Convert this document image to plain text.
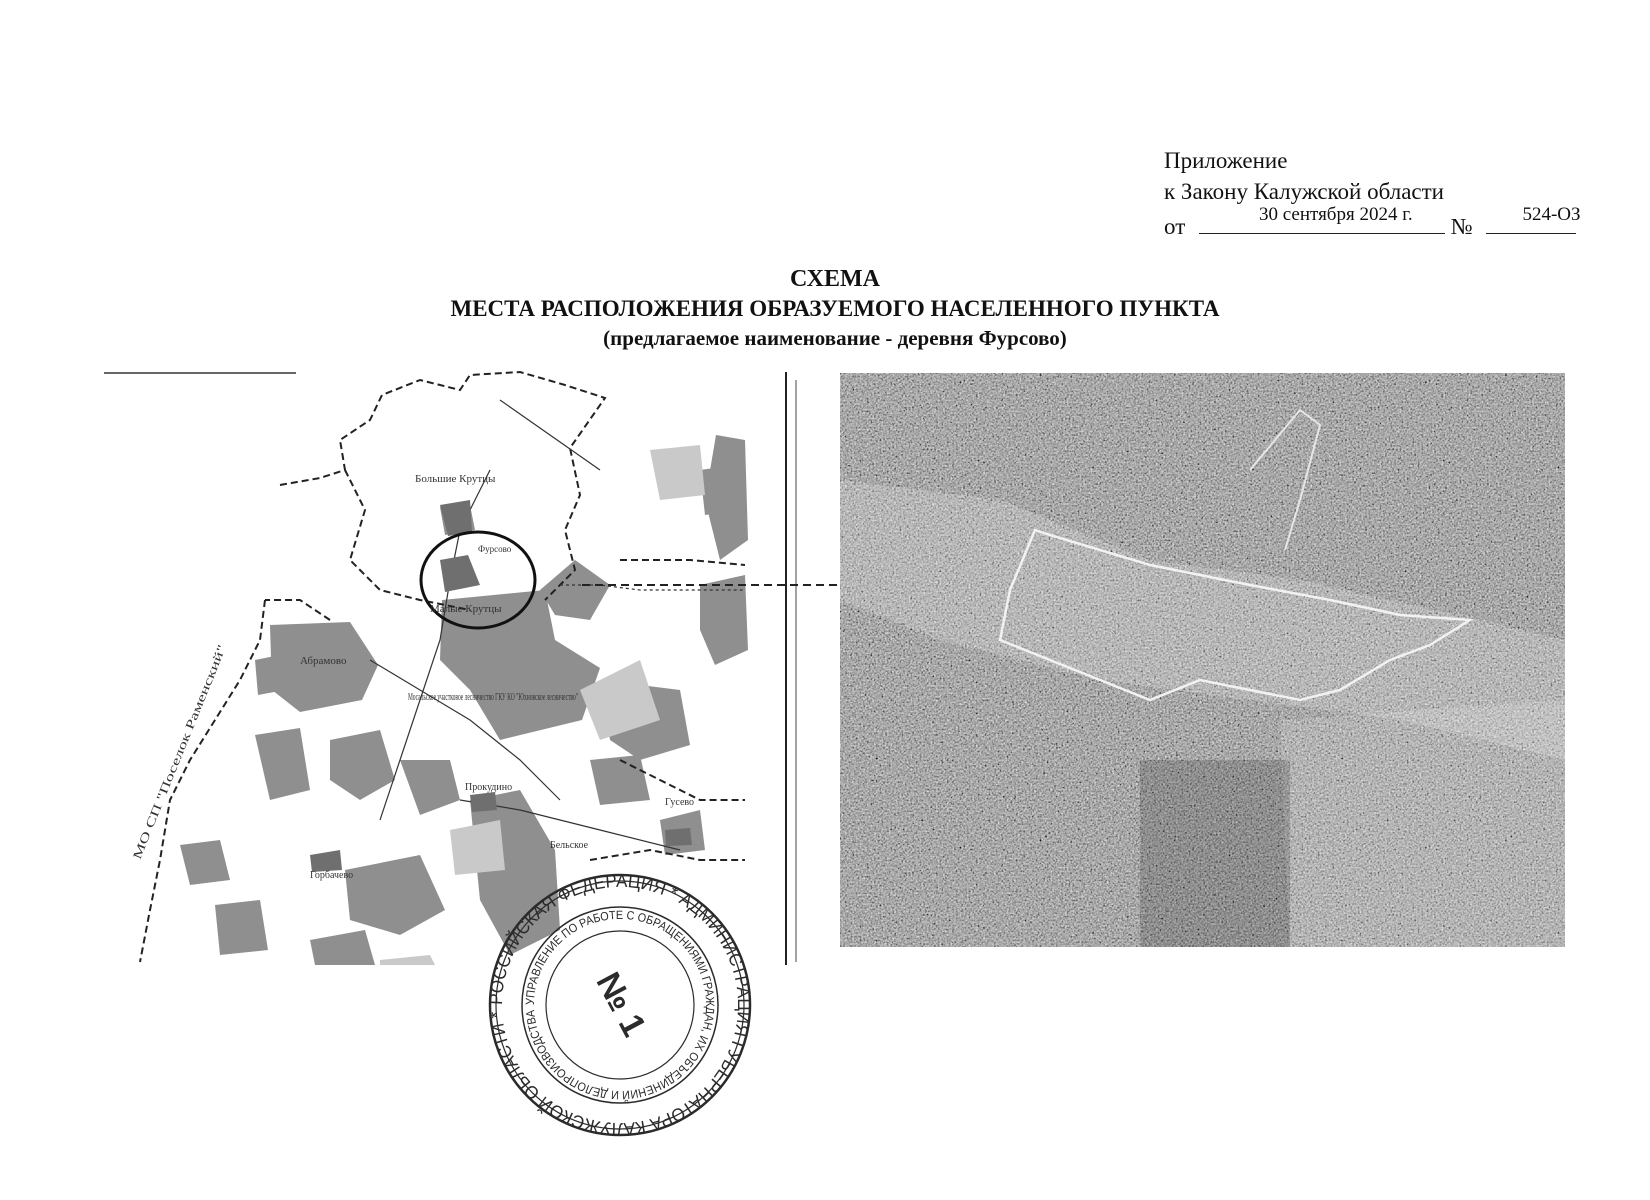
Приложение
к Закону Калужской области
от	30 сентября 2024 г. №	524-ОЗ
СХЕМА
МЕСТА РАСПОЛОЖЕНИЯ ОБРАЗУЕМОГО НАСЕЛЕННОГО ПУНКТА
(предлагаемое наименование - деревня Фурсово)
Большие Крутцы
Фурсово
Малые Крутцы
Абрамово
Мосальское участковое лесничество ГКУ КО "Юхновское лесничество"
Прокудино
Гусево
Горбачево
Бельское
МО СП "Поселок Раменский"
РОССИЙСКАЯ ФЕДЕРАЦИЯ * АДМИНИСТРАЦИЯ ГУБЕРНАТОРА КАЛУЖСКОЙ ОБЛАСТИ *
УПРАВЛЕНИЕ ПО РАБОТЕ С ОБРАЩЕНИЯМИ ГРАЖДАН, ИХ ОБЪЕДИНЕНИЙ И ДЕЛОПРОИЗВОДСТВА	№ 1
